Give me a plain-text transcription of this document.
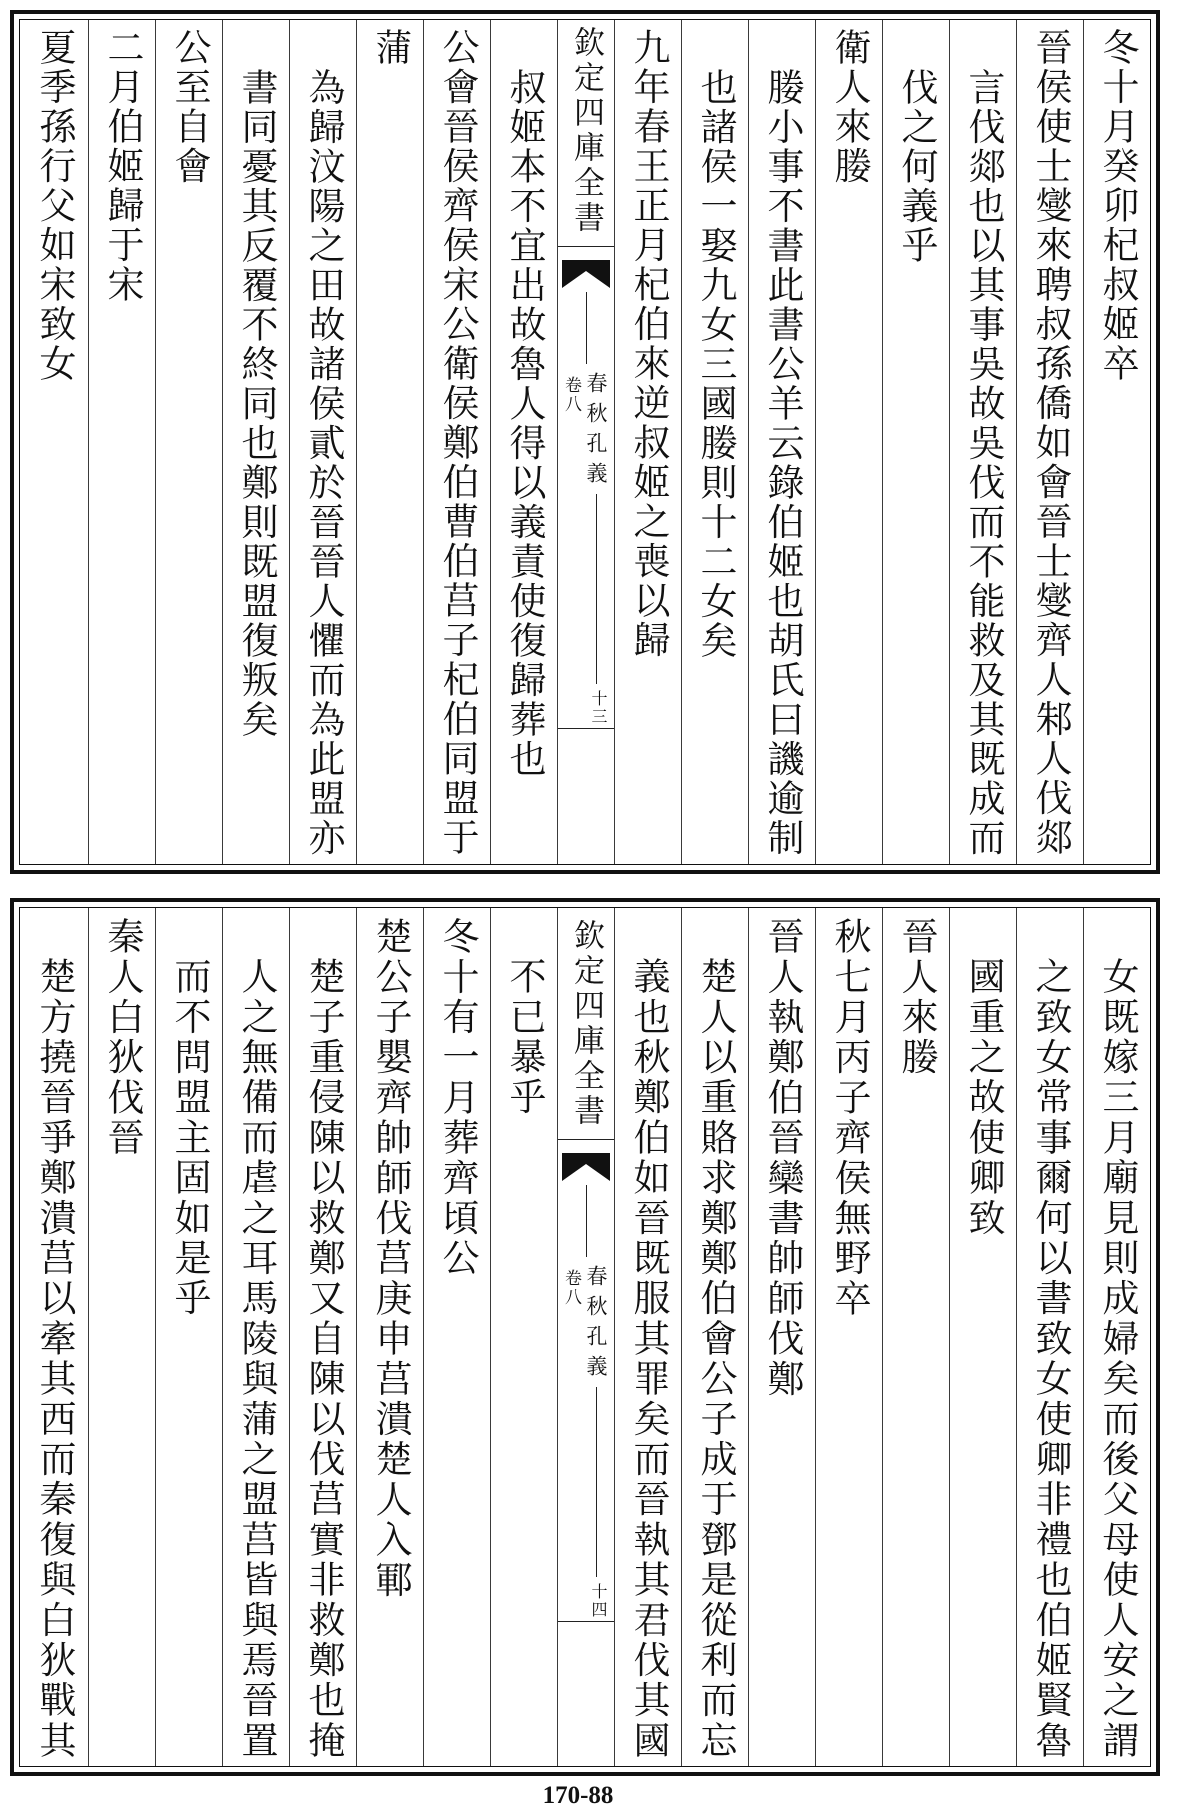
冬十月癸卯杞叔姬卒
晉侯使士燮來聘叔孫僑如會晉士燮齊人邾人伐郯
言伐郯也以其事吳故吳伐而不能救及其既成而
伐之何義乎
衛人來媵
媵小事不書此書公羊云錄伯姬也胡氏曰譏逾制
也諸侯一娶九女三國媵則十二女矣
九年春王正月杞伯來逆叔姬之喪以歸
欽定四庫全書
春秋孔義
卷八
十三
叔姬本不宜出故魯人得以義責使復歸葬也
公會晉侯齊侯宋公衛侯鄭伯曹伯莒子杞伯同盟于
蒲
為歸汶陽之田故諸侯貳於晉晉人懼而為此盟亦
書同憂其反覆不終同也鄭則既盟復叛矣
公至自會
二月伯姬歸于宋
夏季孫行父如宋致女
女既嫁三月廟見則成婦矣而後父母使人安之謂
之致女常事爾何以書致女使卿非禮也伯姬賢魯
國重之故使卿致
晉人來媵
秋七月丙子齊侯無野卒
晉人執鄭伯晉欒書帥師伐鄭
楚人以重賂求鄭鄭伯會公子成于鄧是從利而忘
義也秋鄭伯如晉既服其罪矣而晉執其君伐其國
欽定四庫全書
春秋孔義
卷八
十四
不已暴乎
冬十有一月葬齊頃公
楚公子嬰齊帥師伐莒庚申莒潰楚人入鄆
楚子重侵陳以救鄭又自陳以伐莒實非救鄭也掩
人之無備而虐之耳馬陵與蒲之盟莒皆與焉晉置
而不問盟主固如是乎
秦人白狄伐晉
楚方撓晉爭鄭潰莒以牽其西而秦復與白狄戰其
170-88
